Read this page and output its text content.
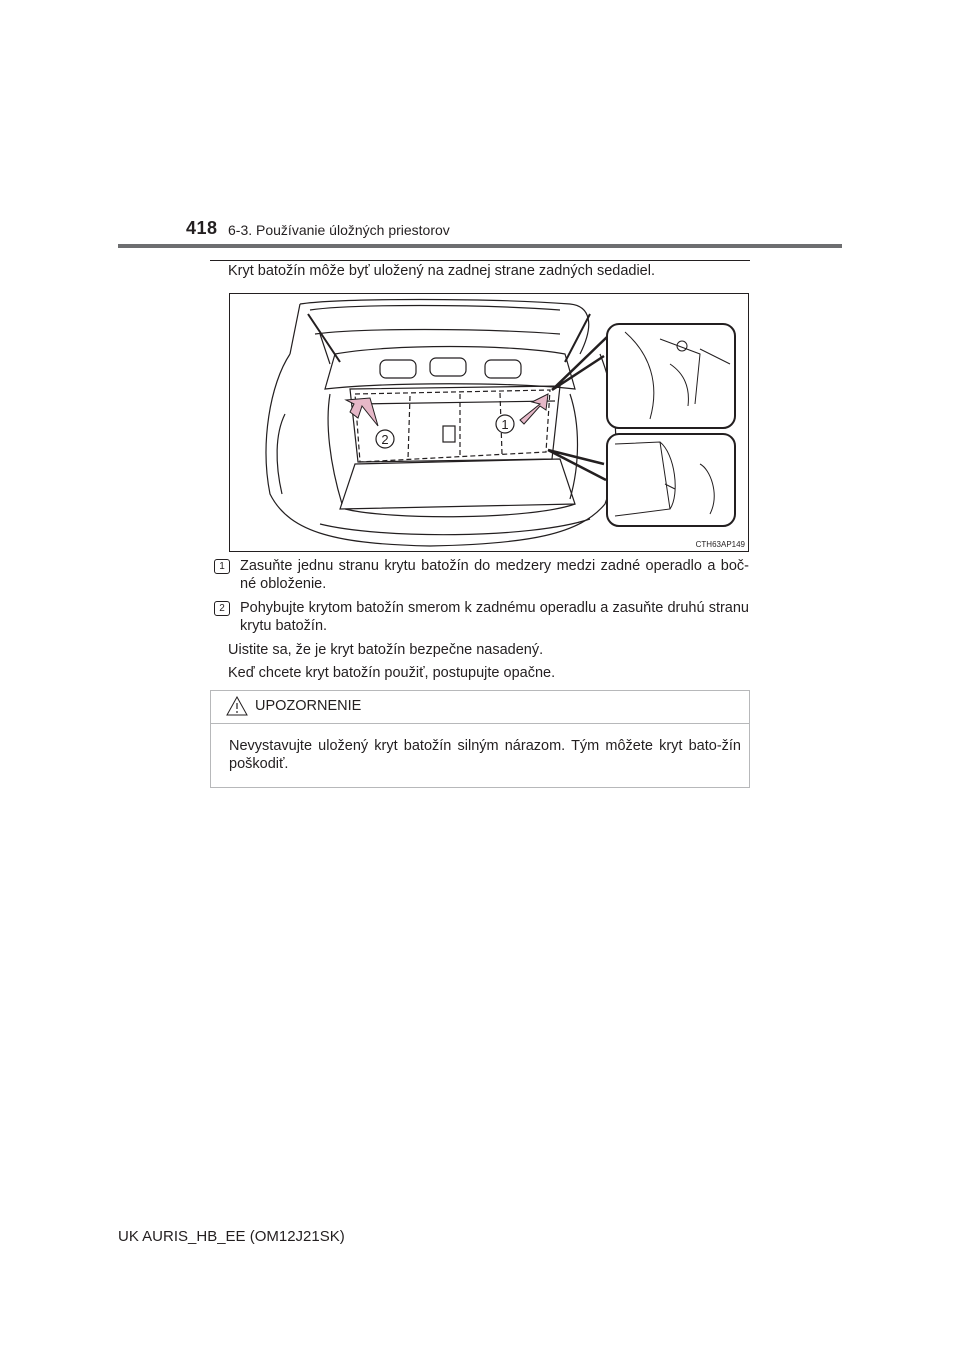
418 6-3. Používanie úložných priestorov
Kryt batožín môže byť uložený na zadnej strane zadných sedadiel.
2
1
CTH63AP149
1	Zasuňte jednu stranu krytu batožín do medzery medzi zadné operadlo a boč-né obloženie.
2	Pohybujte krytom batožín smerom k zadnému operadlu a zasuňte druhú stranu krytu batožín.
Uistite sa, že je kryt batožín bezpečne nasadený.
Keď chcete kryt batožín použiť, postupujte opačne.
UPOZORNENIE
Nevystavujte uložený kryt batožín silným nárazom. Tým môžete kryt bato-žín poškodiť.
UK AURIS_HB_EE (OM12J21SK)
